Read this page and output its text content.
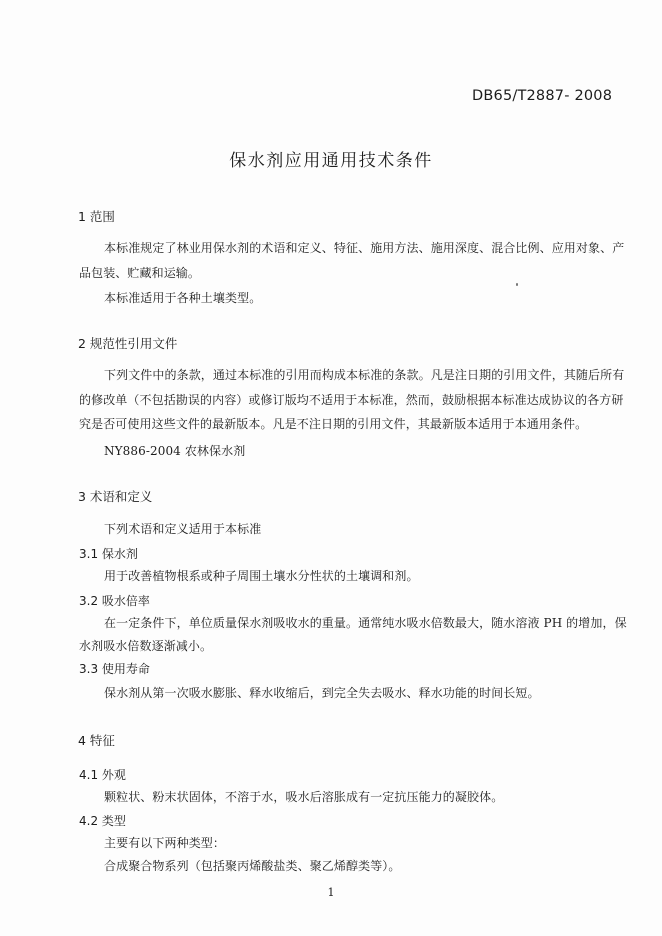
DB65/T2887- 2008
保水剂应用通用技术条件
1 范围
本标准规定了林业用保水剂的术语和定义、特征、施用方法、施用深度、混合比例、应用对象、产
品包装、贮藏和运输。
本标准适用于各种土壤类型。
2 规范性引用文件
下列文件中的条款，通过本标准的引用而构成本标准的条款。凡是注日期的引用文件，其随后所有
的修改单（不包括勘误的内容）或修订版均不适用于本标准，然而，鼓励根据本标准达成协议的各方研
究是否可使用这些文件的最新版本。凡是不注日期的引用文件，其最新版本适用于本通用条件。
NY886-2004 农林保水剂
3 术语和定义
下列术语和定义适用于本标准
3.1 保水剂
用于改善植物根系或种子周围土壤水分性状的土壤调和剂。
3.2 吸水倍率
在一定条件下，单位质量保水剂吸收水的重量。通常纯水吸水倍数最大，随水溶液 PH 的增加，保
水剂吸水倍数逐渐减小。
3.3 使用寿命
保水剂从第一次吸水膨胀、释水收缩后，到完全失去吸水、释水功能的时间长短。
4 特征
4.1 外观
颗粒状、粉末状固体，不溶于水，吸水后溶胀成有一定抗压能力的凝胶体。
4.2 类型
主要有以下两种类型：
合成聚合物系列（包括聚丙烯酸盐类、聚乙烯醇类等）。
1
